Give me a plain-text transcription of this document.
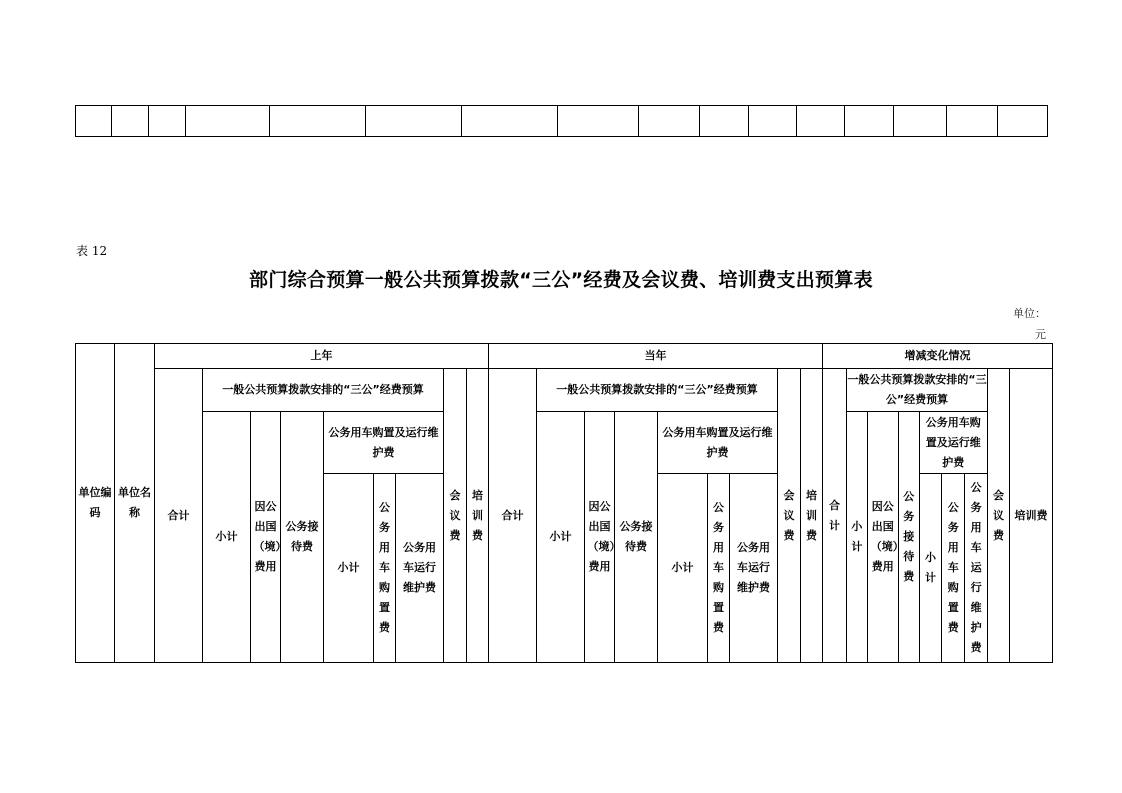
表 12
部门综合预算一般公共预算拨款“三公”经费及会议费、培训费支出预算表
单位：
元
单位编码	单位名称	上年									当年									增减变化情况								
		合计	一般公共预算拨款安排的“三公”经费预算						会议费	培训费	合计	一般公共预算拨款安排的“三公”经费预算						会议费	培训费	合计	一般公共预算拨款安排的“三公”经费预算						会议费	培训费
			小计	因公出国（境）费用	公务接待费	公务用车购置及运行维护费						小计	因公出国（境）费用	公务接待费	公务用车购置及运行维护费						小计	因公出国（境）费用	公务接待费	公务用车购置及运行维护费				

						小计	公务用车购置费	公务用车运行维护费							小计	公务用车购置费	公务用车运行维护费							小计	公务用车购置费	公务用车运行维护费		
